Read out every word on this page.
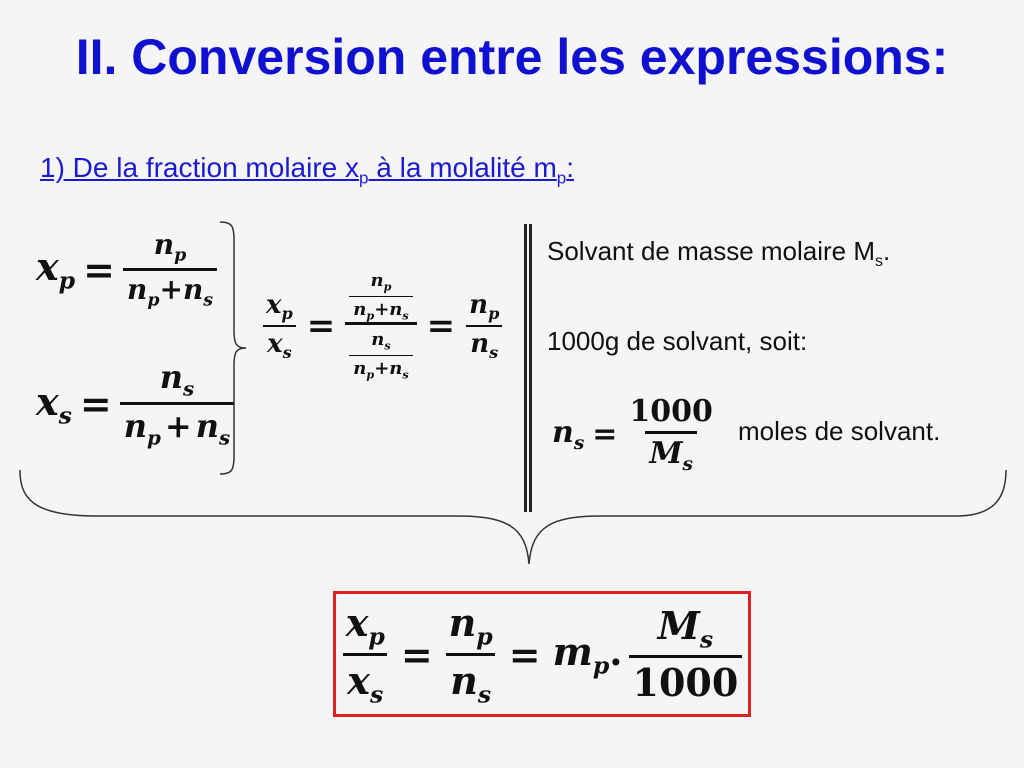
II. Conversion entre les expressions:
1) De la fraction molaire $x_p$ à la molalité $m_p$:
$x_p = \frac{n_p}{n_p+n_s}$
$x_s = \frac{n_s}{n_p + n_s}$
$\frac{x_p}{x_s} = \frac{\frac{n_p}{n_p+n_s}}{\frac{n_s}{n_p+n_s}} = \frac{n_p}{n_s}$
Solvant de masse molaire $M_s$.
1000g de solvant, soit:
$n_s = \frac{1000}{M_s}$ moles de solvant.
$\frac{x_p}{x_s} = \frac{n_p}{n_s} = m_p$. $\frac{M_s}{1000}$
